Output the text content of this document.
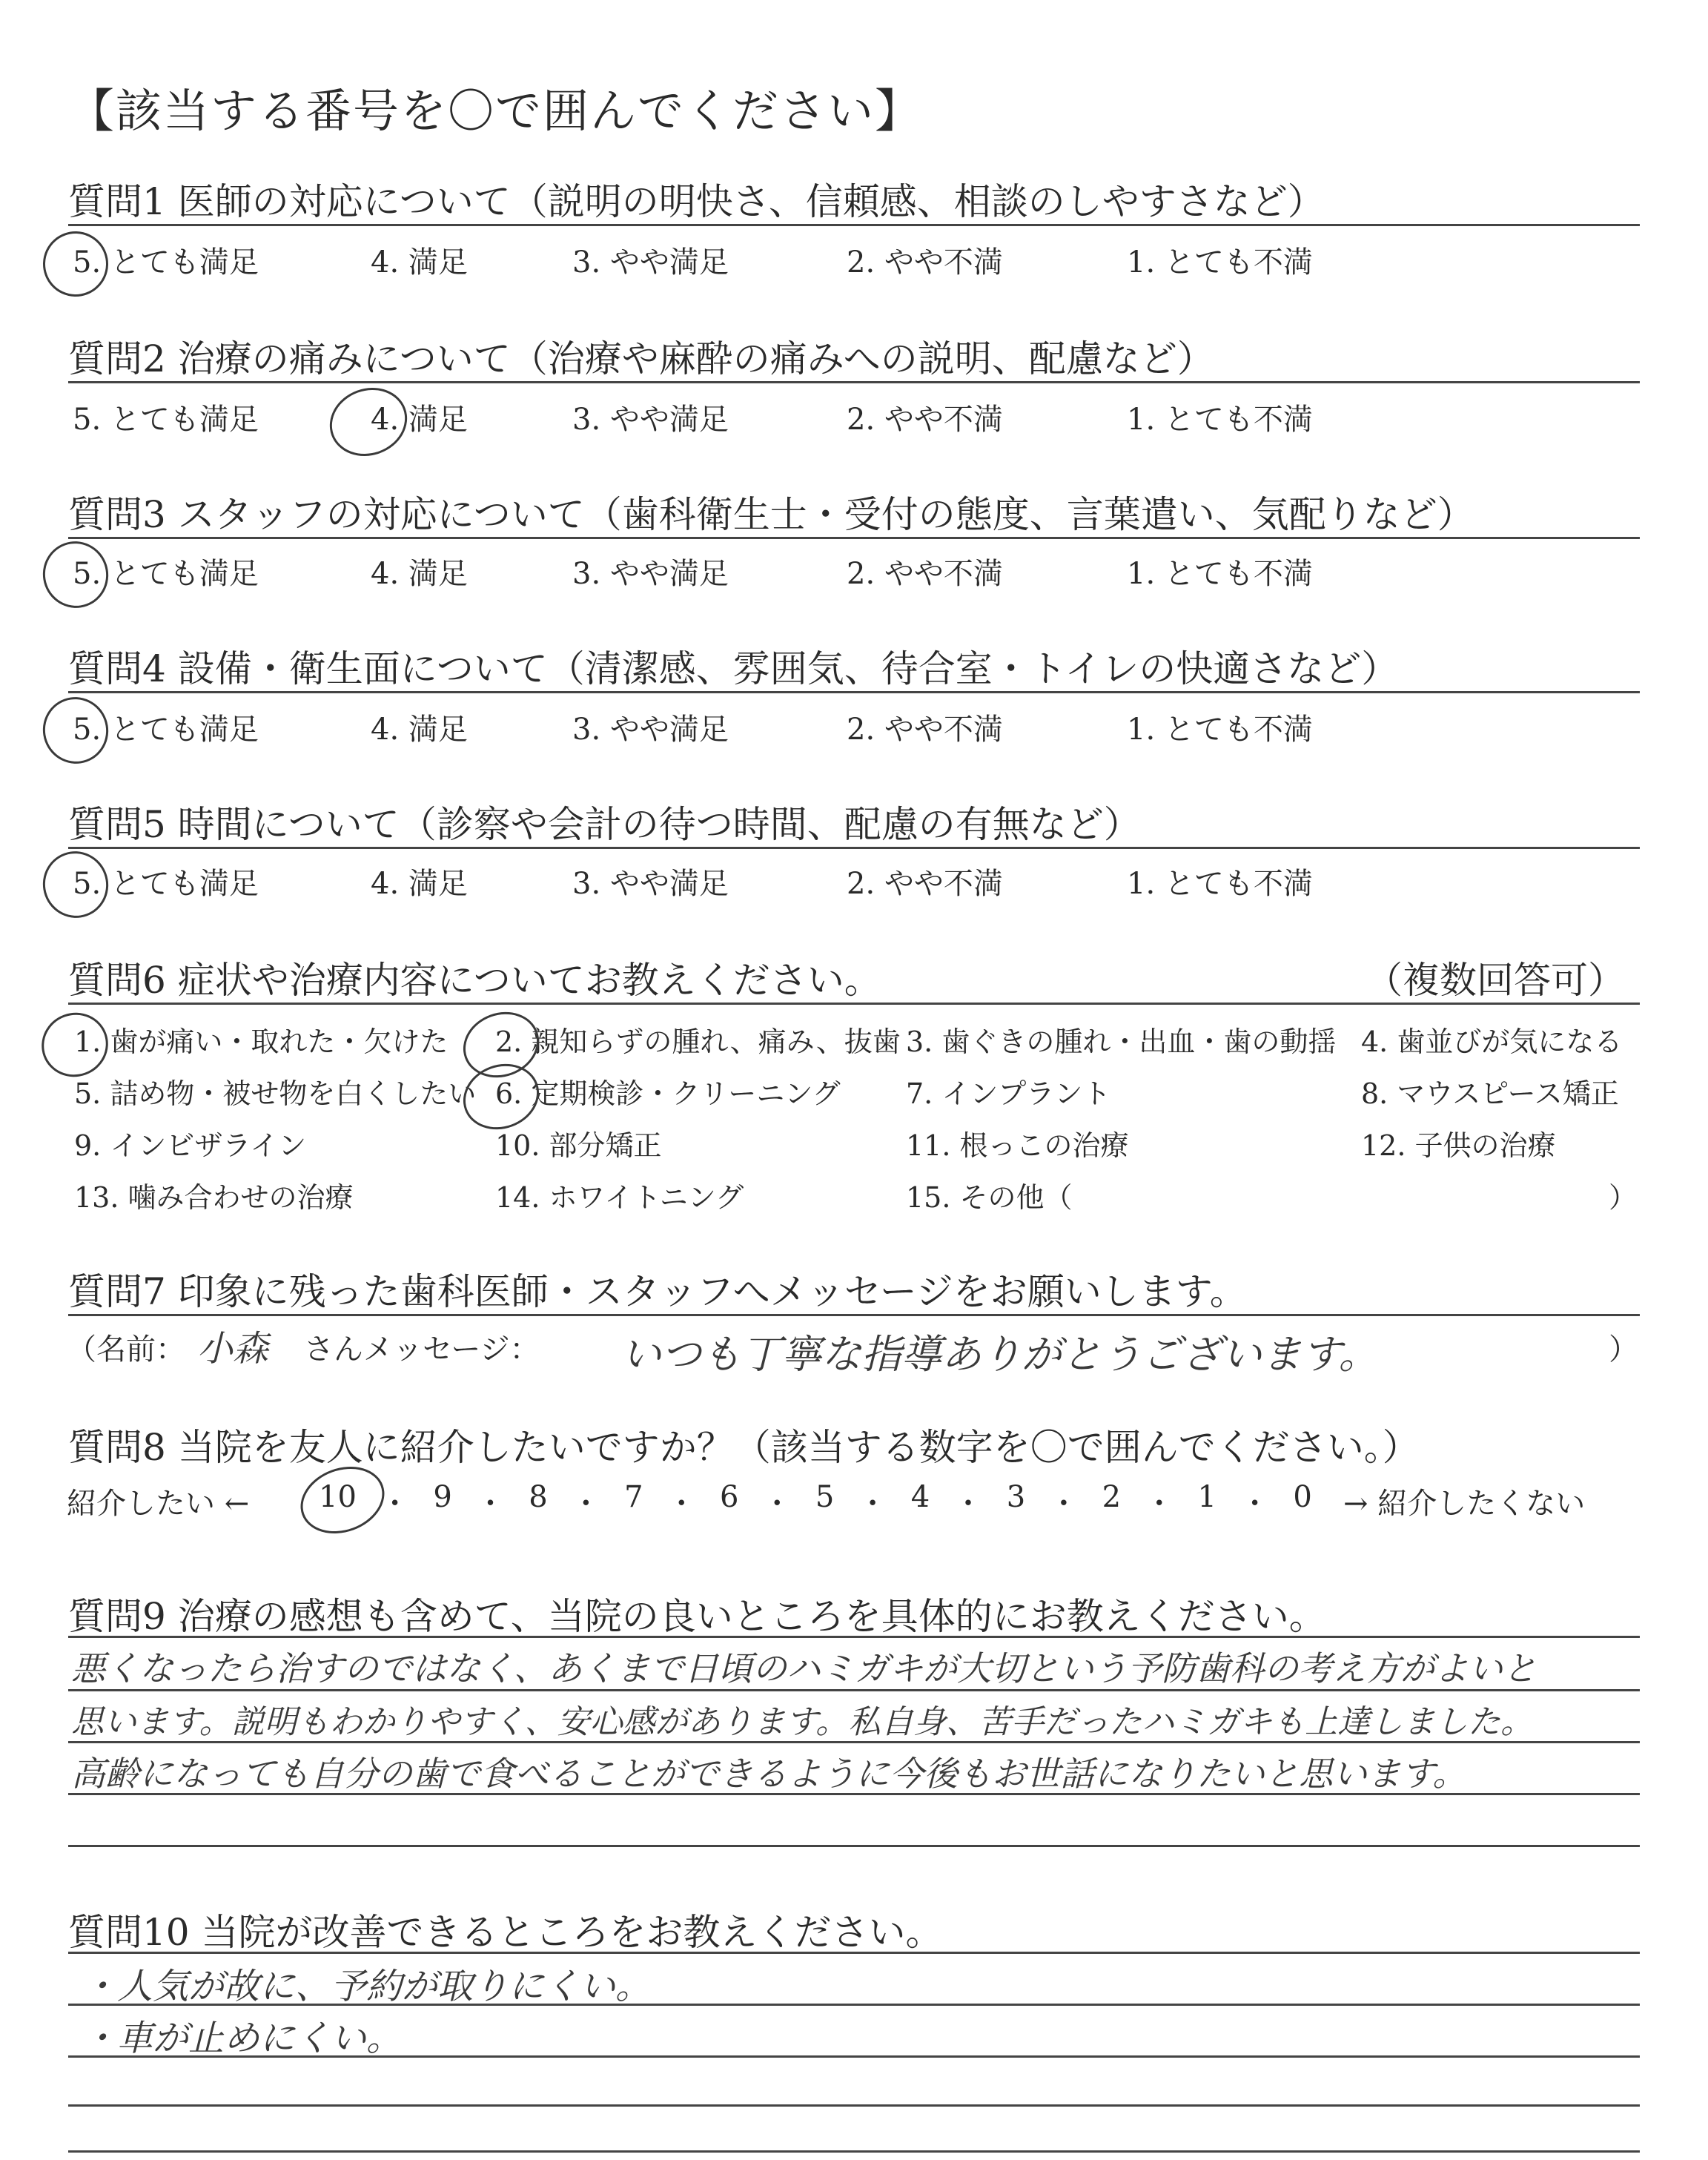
【該当する番号を〇で囲んでください】
質問1 医師の対応について（説明の明快さ、信頼感、相談のしやすさなど）
5. とても満足	4. 満足	3. やや満足	2. やや不満	1. とても不満
質問2 治療の痛みについて（治療や麻酔の痛みへの説明、配慮など）
5. とても満足	4. 満足	3. やや満足	2. やや不満	1. とても不満
質問3 スタッフの対応について（歯科衛生士・受付の態度、言葉遣い、気配りなど）
5. とても満足	4. 満足	3. やや満足	2. やや不満	1. とても不満
質問4 設備・衛生面について（清潔感、雰囲気、待合室・トイレの快適さなど）
5. とても満足	4. 満足	3. やや満足	2. やや不満	1. とても不満
質問5 時間について（診察や会計の待つ時間、配慮の有無など）
5. とても満足	4. 満足	3. やや満足	2. やや不満	1. とても不満
質問6 症状や治療内容についてお教えください。	（複数回答可）
1. 歯が痛い・取れた・欠けた 2. 親知らずの腫れ、痛み、抜歯 3. 歯ぐきの腫れ・出血・歯の動揺 4. 歯並びが気になる
5. 詰め物・被せ物を白くしたい 6. 定期検診・クリーニング 7. インプラント	8. マウスピース矯正
9. インビザライン	10. 部分矯正	11. 根っこの治療	12. 子供の治療
13. 噛み合わせの治療	14. ホワイトニング	15. その他（	）
質問7 印象に残った歯科医師・スタッフへメッセージをお願いします。
（名前： 小森 さんメッセージ： いつも丁寧な指導ありがとうございます。	）
質問8 当院を友人に紹介したいですか？（該当する数字を〇で囲んでください。）
紹介したい ← 10 ・ 9 ・ 8 ・ 7 ・ 6 ・ 5 ・ 4 ・ 3 ・ 2 ・ 1 ・ 0 → 紹介したくない
質問9 治療の感想も含めて、当院の良いところを具体的にお教えください。
悪くなったら治すのではなく、あくまで日頃のハミガキが大切という予防歯科の考え方がよいと
思います。説明もわかりやすく、安心感があります。私自身、苦手だったハミガキも上達しました。
高齢になっても自分の歯で食べることができるように今後もお世話になりたいと思います。
質問10 当院が改善できるところをお教えください。
・人気が故に、予約が取りにくい。
・車が止めにくい。
